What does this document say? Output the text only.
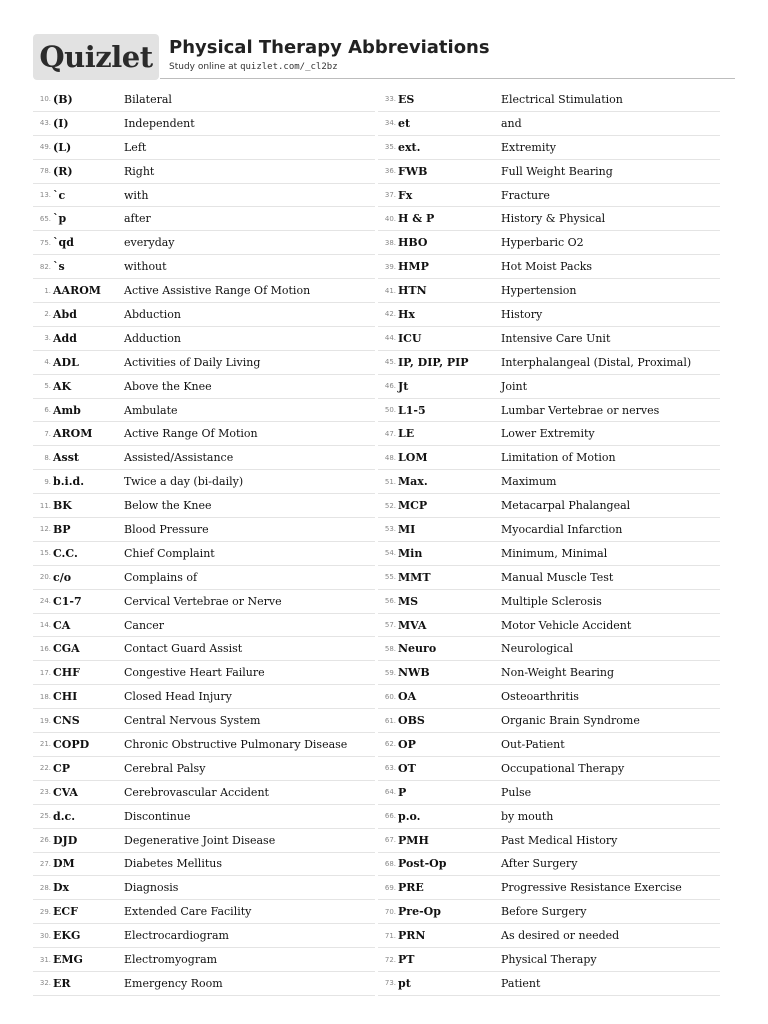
Quizlet Physical Therapy Abbreviations
Study online at quizlet.com/_cl2bz
10. (B)	Bilateral
43. (I)	Independent
49. (L)	Left
78. (R)	Right
13. `c	with
65. `p	after
75. `qd	everyday
82. `s	without
1. AAROM	Active Assistive Range Of Motion
2. Abd	Abduction
3. Add	Adduction
4. ADL	Activities of Daily Living
5. AK	Above the Knee
6. Amb	Ambulate
7. AROM	Active Range Of Motion
8. Asst	Assisted/Assistance
9. b.i.d.	Twice a day (bi-daily)
11. BK	Below the Knee
12. BP	Blood Pressure
15. C.C.	Chief Complaint
20. c/o	Complains of
24. C1-7	Cervical Vertebrae or Nerve
14. CA	Cancer
16. CGA	Contact Guard Assist
17. CHF	Congestive Heart Failure
18. CHI	Closed Head Injury
19. CNS	Central Nervous System
21. COPD	Chronic Obstructive Pulmonary Disease
22. CP	Cerebral Palsy
23. CVA	Cerebrovascular Accident
25. d.c.	Discontinue
26. DJD	Degenerative Joint Disease
27. DM	Diabetes Mellitus
28. Dx	Diagnosis
29. ECF	Extended Care Facility
30. EKG	Electrocardiogram
31. EMG	Electromyogram
32. ER	Emergency Room
33. ES	Electrical Stimulation
34. et	and
35. ext.	Extremity
36. FWB	Full Weight Bearing
37. Fx	Fracture
40. H & P	History & Physical
38. HBO	Hyperbaric O2
39. HMP	Hot Moist Packs
41. HTN	Hypertension
42. Hx	History
44. ICU	Intensive Care Unit
45. IP, DIP, PIP	Interphalangeal (Distal, Proximal)
46. Jt	Joint
50. L1-5	Lumbar Vertebrae or nerves
47. LE	Lower Extremity
48. LOM	Limitation of Motion
51. Max.	Maximum
52. MCP	Metacarpal Phalangeal
53. MI	Myocardial Infarction
54. Min	Minimum, Minimal
55. MMT	Manual Muscle Test
56. MS	Multiple Sclerosis
57. MVA	Motor Vehicle Accident
58. Neuro	Neurological
59. NWB	Non-Weight Bearing
60. OA	Osteoarthritis
61. OBS	Organic Brain Syndrome
62. OP	Out-Patient
63. OT	Occupational Therapy
64. P	Pulse
66. p.o.	by mouth
67. PMH	Past Medical History
68. Post-Op	After Surgery
69. PRE	Progressive Resistance Exercise
70. Pre-Op	Before Surgery
71. PRN	As desired or needed
72. PT	Physical Therapy
73. pt	Patient
